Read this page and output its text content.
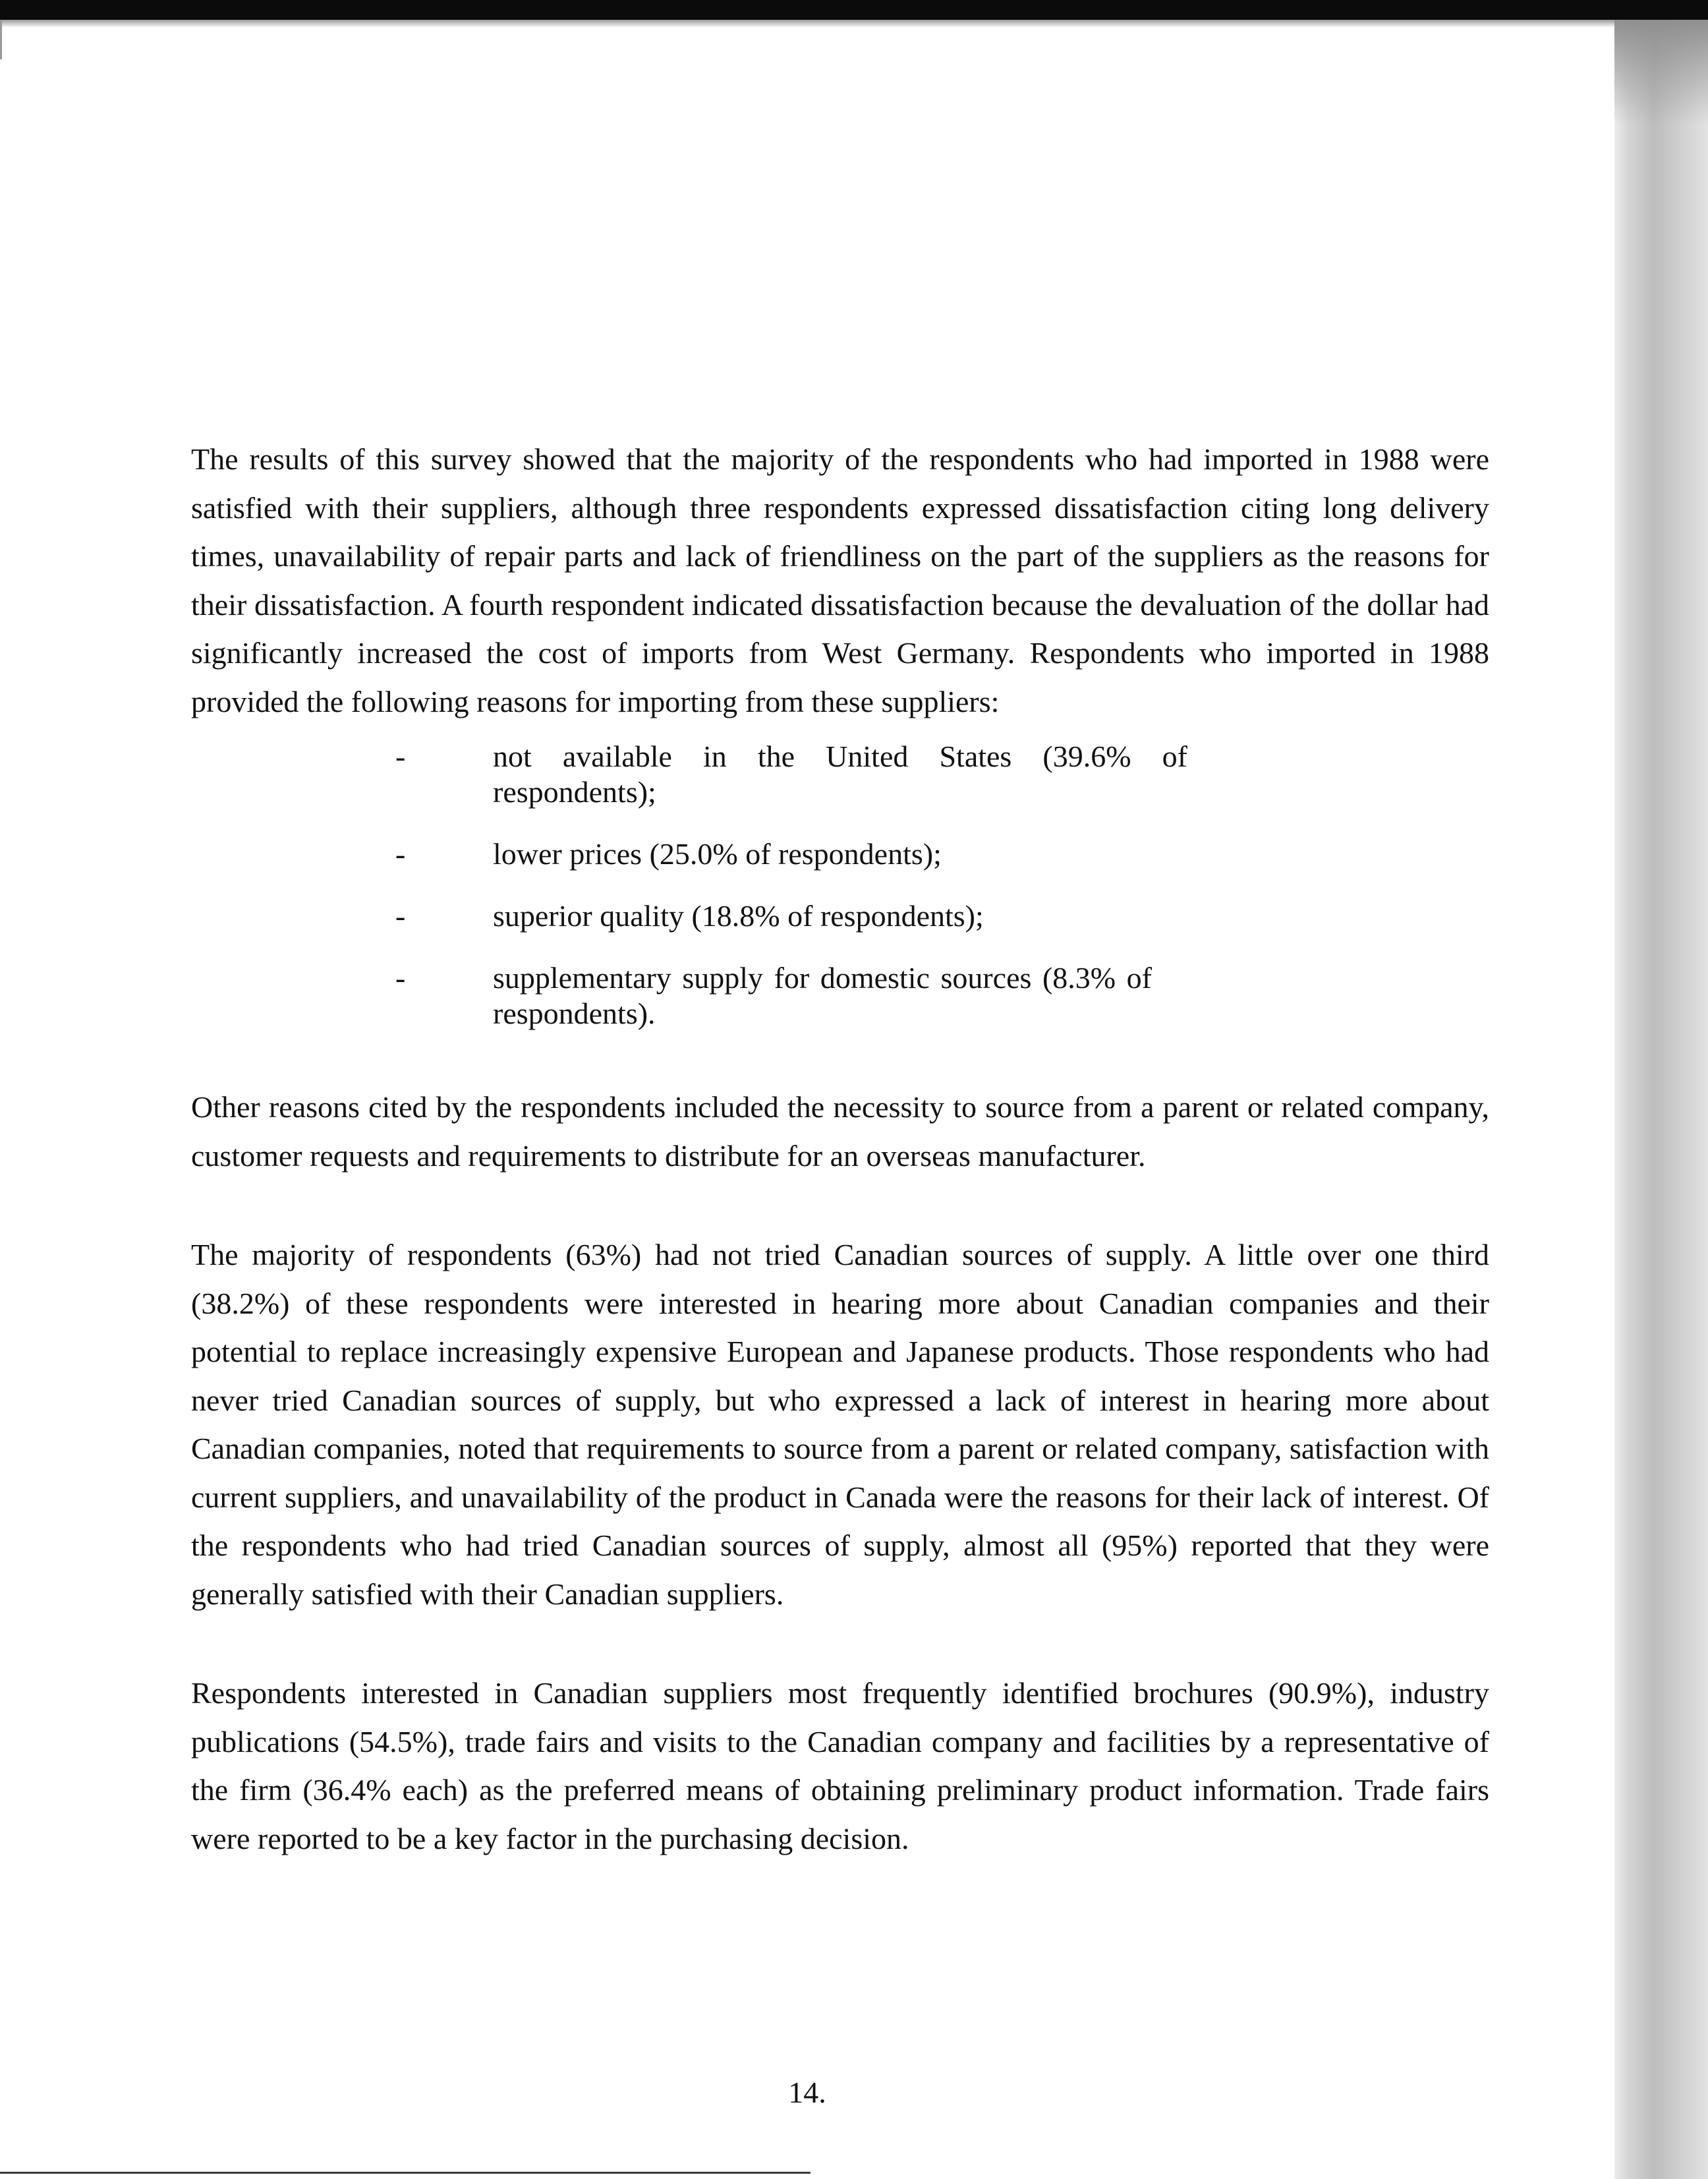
The results of this survey showed that the majority of the respondents who had imported in 1988 were satisfied with their suppliers, although three respondents expressed dissatisfaction citing long delivery times, unavailability of repair parts and lack of friendliness on the part of the suppliers as the reasons for their dissatisfaction. A fourth respondent indicated dissatisfaction because the devaluation of the dollar had significantly increased the cost of imports from West Germany. Respondents who imported in 1988 provided the following reasons for importing from these suppliers:

-	not available in the United States (39.6% of respondents);
-	lower prices (25.0% of respondents);
-	superior quality (18.8% of respondents);
-	supplementary supply for domestic sources (8.3% of respondents).

Other reasons cited by the respondents included the necessity to source from a parent or related company, customer requests and requirements to distribute for an overseas manufacturer.

The majority of respondents (63%) had not tried Canadian sources of supply. A little over one third (38.2%) of these respondents were interested in hearing more about Canadian companies and their potential to replace increasingly expensive European and Japanese products. Those respondents who had never tried Canadian sources of supply, but who expressed a lack of interest in hearing more about Canadian companies, noted that requirements to source from a parent or related company, satisfaction with current suppliers, and unavailability of the product in Canada were the reasons for their lack of interest. Of the respondents who had tried Canadian sources of supply, almost all (95%) reported that they were generally satisfied with their Canadian suppliers.

Respondents interested in Canadian suppliers most frequently identified brochures (90.9%), industry publications (54.5%), trade fairs and visits to the Canadian company and facilities by a representative of the firm (36.4% each) as the preferred means of obtaining preliminary product information. Trade fairs were reported to be a key factor in the purchasing decision.

14.
